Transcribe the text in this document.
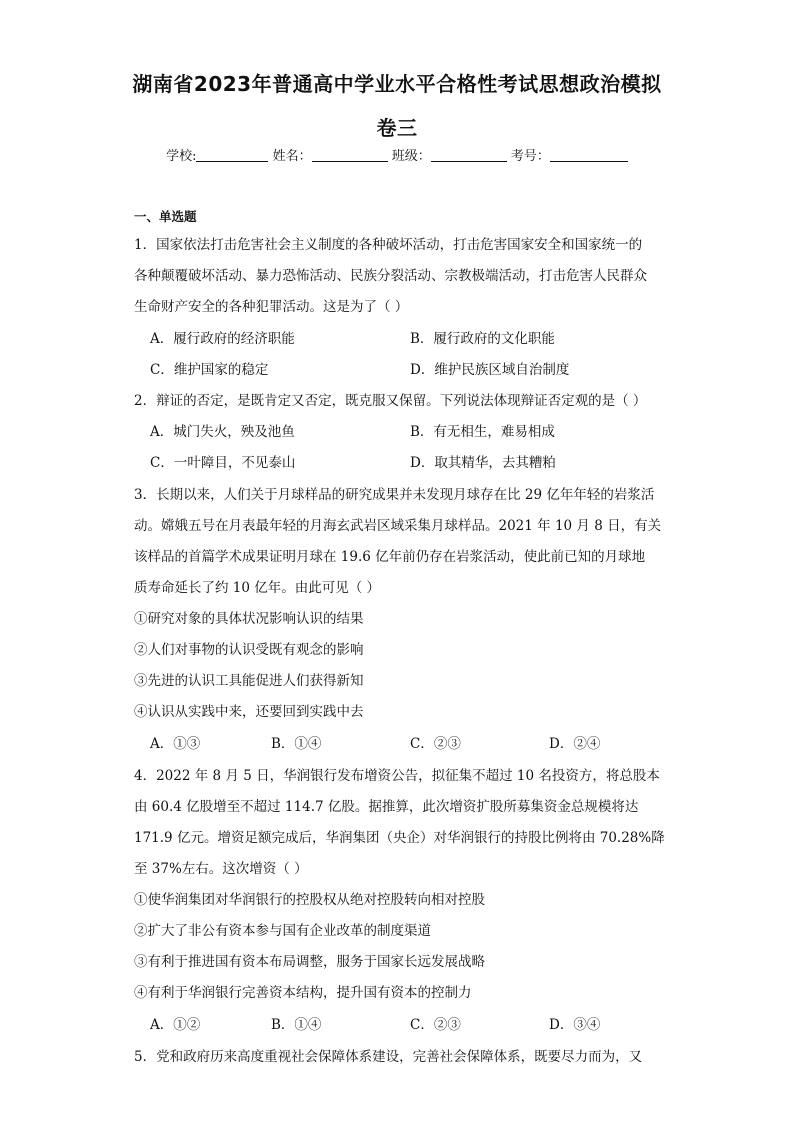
湖南省2023年普通高中学业水平合格性考试思想政治模拟
卷三
学校:	姓名：	班级：	考号：
一、单选题
1．国家依法打击危害社会主义制度的各种破坏活动，打击危害国家安全和国家统一的
各种颠覆破坏活动、暴力恐怖活动、民族分裂活动、宗教极端活动，打击危害人民群众
生命财产安全的各种犯罪活动。这是为了（ ）
A．履行政府的经济职能	B．履行政府的文化职能
C．维护国家的稳定	D．维护民族区域自治制度
2．辩证的否定，是既肯定又否定，既克服又保留。下列说法体现辩证否定观的是（ ）
A．城门失火，殃及池鱼	B．有无相生，难易相成
C．一叶障目，不见泰山	D．取其精华，去其糟粕
3．长期以来，人们关于月球样品的研究成果并未发现月球存在比 29 亿年年轻的岩浆活
动。嫦娥五号在月表最年轻的月海玄武岩区域采集月球样品。2021 年 10 月 8 日，有关
该样品的首篇学术成果证明月球在 19.6 亿年前仍存在岩浆活动，使此前已知的月球地
质寿命延长了约 10 亿年。由此可见（ ）
①研究对象的具体状况影响认识的结果
②人们对事物的认识受既有观念的影响
③先进的认识工具能促进人们获得新知
④认识从实践中来，还要回到实践中去
A．①③	B．①④	C．②③	D．②④
4．2022 年 8 月 5 日，华润银行发布增资公告，拟征集不超过 10 名投资方，将总股本
由 60.4 亿股增至不超过 114.7 亿股。据推算，此次增资扩股所募集资金总规模将达
171.9 亿元。增资足额完成后，华润集团（央企）对华润银行的持股比例将由 70.28%降
至 37%左右。这次增资（ ）
①使华润集团对华润银行的控股权从绝对控股转向相对控股
②扩大了非公有资本参与国有企业改革的制度渠道
③有利于推进国有资本布局调整，服务于国家长远发展战略
④有利于华润银行完善资本结构，提升国有资本的控制力
A．①②	B．①④	C．②③	D．③④
5．党和政府历来高度重视社会保障体系建设，完善社会保障体系，既要尽力而为，又
